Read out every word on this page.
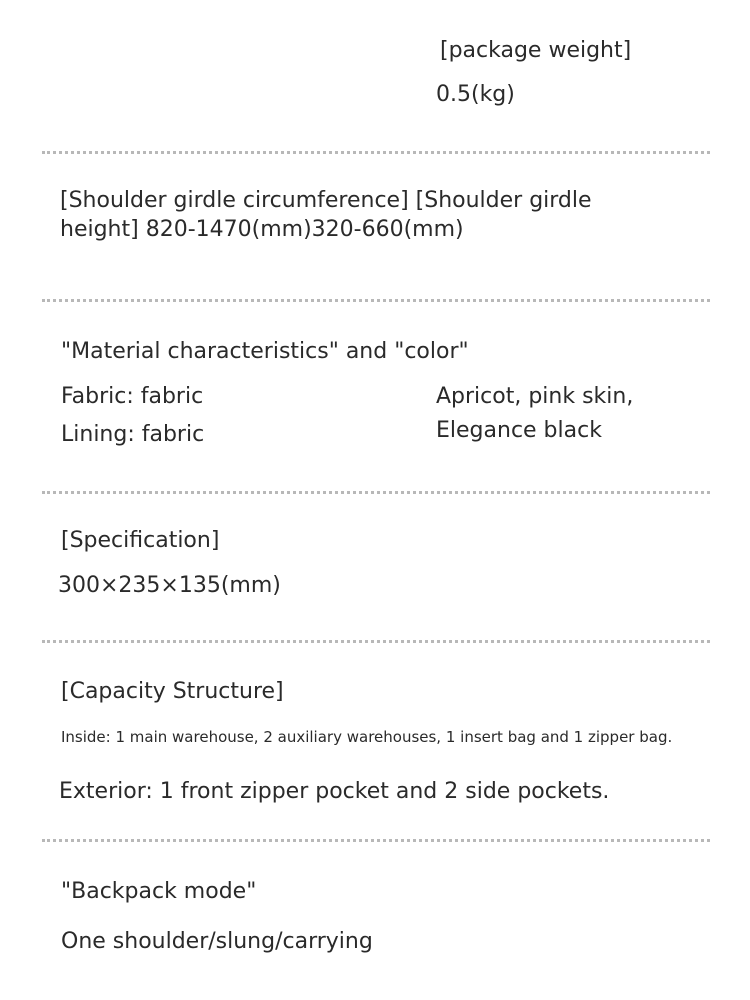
[package weight]
0.5(kg)
[Shoulder girdle circumference] [Shoulder girdle height] 820-1470(mm)320-660(mm)
"Material characteristics" and "color"
Fabric: fabric
Lining: fabric
Apricot, pink skin,
Elegance black
[Specification]
300×235×135(mm)
[Capacity Structure]
Inside: 1 main warehouse, 2 auxiliary warehouses, 1 insert bag and 1 zipper bag.
Exterior: 1 front zipper pocket and 2 side pockets.
"Backpack mode"
One shoulder/slung/carrying
